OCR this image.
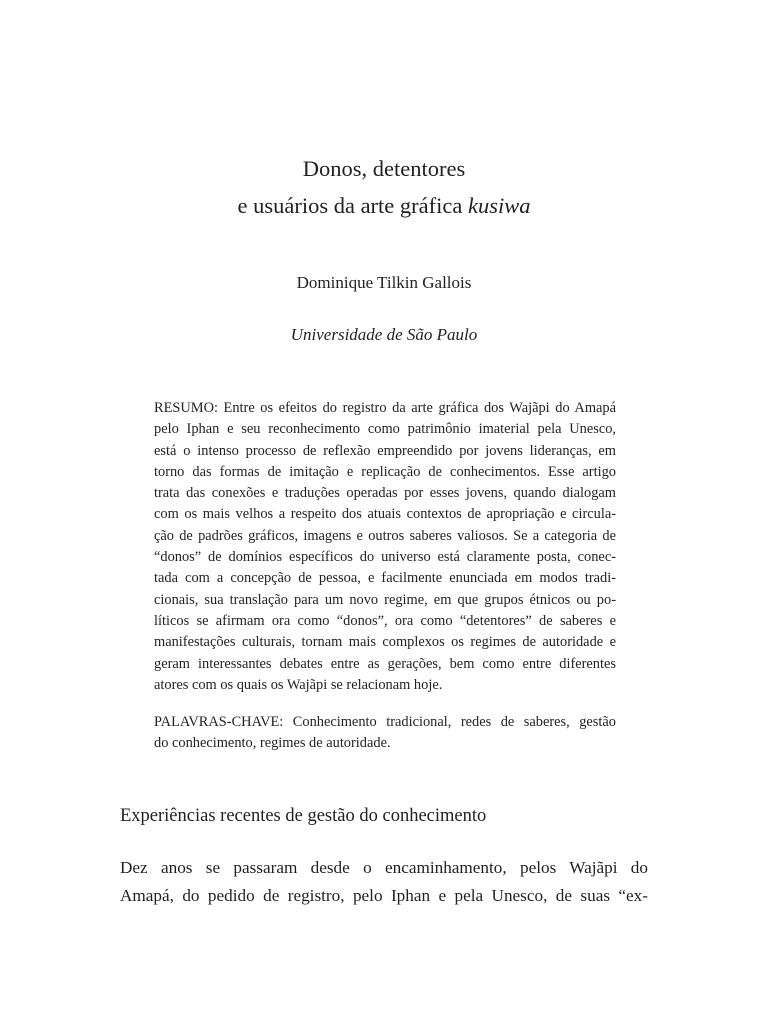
Donos, detentores
e usuários da arte gráfica kusiwa
Dominique Tilkin Gallois
Universidade de São Paulo

RESUMO: Entre os efeitos do registro da arte gráfica dos Wajãpi do Amapá
pelo Iphan e seu reconhecimento como patrimônio imaterial pela Unesco,
está o intenso processo de reflexão empreendido por jovens lideranças, em
torno das formas de imitação e replicação de conhecimentos. Esse artigo
trata das conexões e traduções operadas por esses jovens, quando dialogam
com os mais velhos a respeito dos atuais contextos de apropriação e circula-
ção de padrões gráficos, imagens e outros saberes valiosos. Se a categoria de
“donos” de domínios específicos do universo está claramente posta, conec-
tada com a concepção de pessoa, e facilmente enunciada em modos tradi-
cionais, sua translação para um novo regime, em que grupos étnicos ou po-
líticos se afirmam ora como “donos”, ora como “detentores” de saberes e
manifestações culturais, tornam mais complexos os regimes de autoridade e
geram interessantes debates entre as gerações, bem como entre diferentes
atores com os quais os Wajãpi se relacionam hoje.

PALAVRAS-CHAVE: Conhecimento tradicional, redes de saberes, gestão
do conhecimento, regimes de autoridade.

Experiências recentes de gestão do conhecimento

Dez anos se passaram desde o encaminhamento, pelos Wajãpi do
Amapá, do pedido de registro, pelo Iphan e pela Unesco, de suas “ex-
